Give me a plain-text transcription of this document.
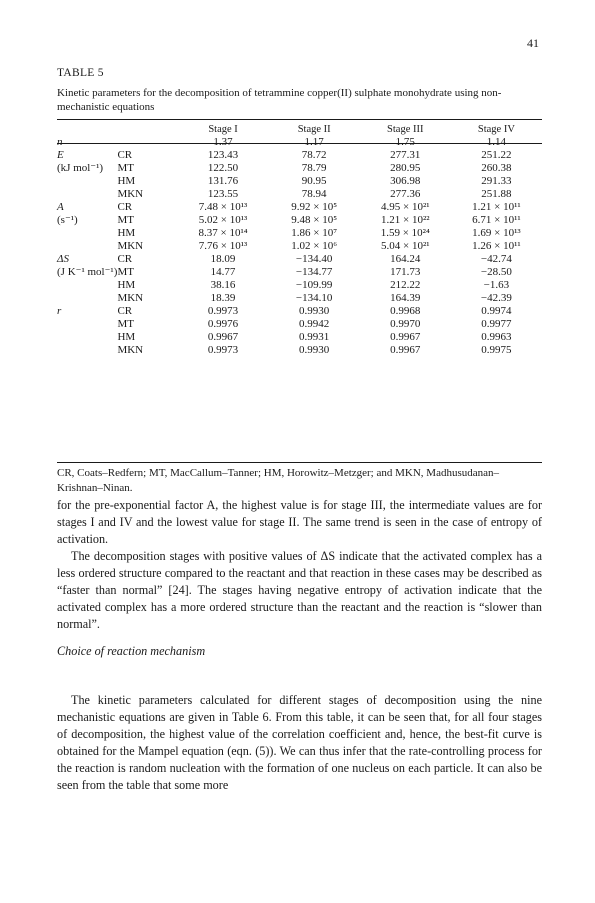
41
TABLE 5
Kinetic parameters for the decomposition of tetrammine copper(II) sulphate monohydrate using non-mechanistic equations
		Stage I	Stage II	Stage III	Stage IV
n		1.37	1.17	1.75	1.14
E	CR	123.43	78.72	277.31	251.22
(kJ mol⁻¹)	MT	122.50	78.79	280.95	260.38
	HM	131.76	90.95	306.98	291.33
	MKN	123.55	78.94	277.36	251.88
A	CR	7.48 × 10¹³	9.92 × 10⁵	4.95 × 10²¹	1.21 × 10¹¹
(s⁻¹)	MT	5.02 × 10¹³	9.48 × 10⁵	1.21 × 10²²	6.71 × 10¹¹
	HM	8.37 × 10¹⁴	1.86 × 10⁷	1.59 × 10²⁴	1.69 × 10¹³
	MKN	7.76 × 10¹³	1.02 × 10⁶	5.04 × 10²¹	1.26 × 10¹¹
ΔS	CR	18.09	−134.40	164.24	−42.74
(J K⁻¹ mol⁻¹)	MT	14.77	−134.77	171.73	−28.50
	HM	38.16	−109.99	212.22	−1.63
	MKN	18.39	−134.10	164.39	−42.39
r	CR	0.9973	0.9930	0.9968	0.9974
	MT	0.9976	0.9942	0.9970	0.9977
	HM	0.9967	0.9931	0.9967	0.9963
	MKN	0.9973	0.9930	0.9967	0.9975
CR, Coats–Redfern; MT, MacCallum–Tanner; HM, Horowitz–Metzger; and MKN, Madhusudanan–Krishnan–Ninan.

for the pre-exponential factor A, the highest value is for stage III, the intermediate values are for stages I and IV and the lowest value for stage II. The same trend is seen in the case of entropy of activation.

The decomposition stages with positive values of ΔS indicate that the activated complex has a less ordered structure compared to the reactant and that reaction in these cases may be described as “faster than normal” [24]. The stages having negative entropy of activation indicate that the activated complex has a more ordered structure than the reactant and the reaction is “slower than normal”.

Choice of reaction mechanism

The kinetic parameters calculated for different stages of decomposition using the nine mechanistic equations are given in Table 6. From this table, it can be seen that, for all four stages of decomposition, the highest value of the correlation coefficient and, hence, the best-fit curve is obtained for the Mampel equation (eqn. (5)). We can thus infer that the rate-controlling process for the reaction is random nucleation with the formation of one nucleus on each particle. It can also be seen from the table that some more
